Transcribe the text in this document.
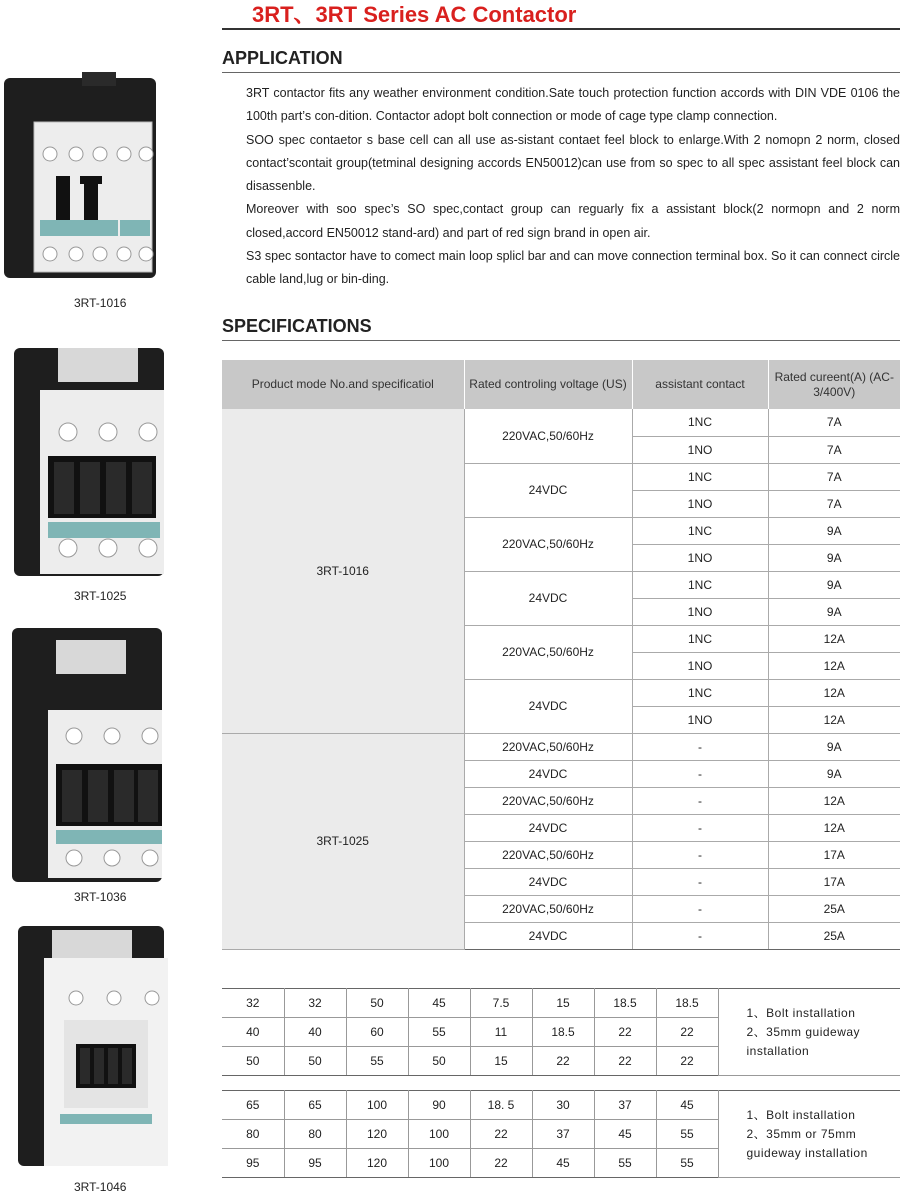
3RT、3RT Series AC Contactor
APPLICATION

3RT contactor fits any weather environment condition.Sate touch protection function accords with DIN VDE 0106 the 100th part’s con-dition. Contactor adopt bolt connection or mode of cage type clamp connection.

SOO spec contaetor s base cell can all use as-sistant contaet feel block to enlarge.With 2 nomopn 2 norm, closed contact’scontait group(tetminal designing accords EN50012)can use from so spec to all spec assistant feel block can disassenble.

Moreover with soo spec’s SO spec,contact group can reguarly fix a assistant block(2 normopn and 2 norm closed,accord EN50012 stand-ard) and part of red sign brand in open air.

S3 spec sontactor have to comect main loop splicl bar and can move connection terminal box. So it can connect circle cable land,lug or bin-ding.

3RT-1016
3RT-1025
3RT-1036
3RT-1046
SPECIFICATIONS
Product mode No.and specificatiol	Rated controling voltage (US)	assistant contact	Rated cureent(A) (AC-3/400V)
3RT-1016	220VAC,50/60Hz	1NC	7A
		1NO	7A
	24VDC	1NC	7A
		1NO	7A
	220VAC,50/60Hz	1NC	9A
		1NO	9A
	24VDC	1NC	9A
		1NO	9A
	220VAC,50/60Hz	1NC	12A
		1NO	12A
	24VDC	1NC	12A
		1NO	12A
3RT-1025	220VAC,50/60Hz	-	9A
	24VDC	-	9A
	220VAC,50/60Hz	-	12A
	24VDC	-	12A
	220VAC,50/60Hz	-	17A
	24VDC	-	17A
	220VAC,50/60Hz	-	25A
	24VDC	-	25A
32	32	50	45	7.5	15	18.5	18.5	1、Bolt installation
2、35mm guideway
installation

40	40	60	55	11	18.5	22	22	
50	50	55	50	15	22	22	22	
65	65	100	90	18. 5	30	37	45	1、Bolt installation
2、35mm or 75mm
guideway installation

80	80	120	100	22	37	45	55	
95	95	120	100	22	45	55	55	
